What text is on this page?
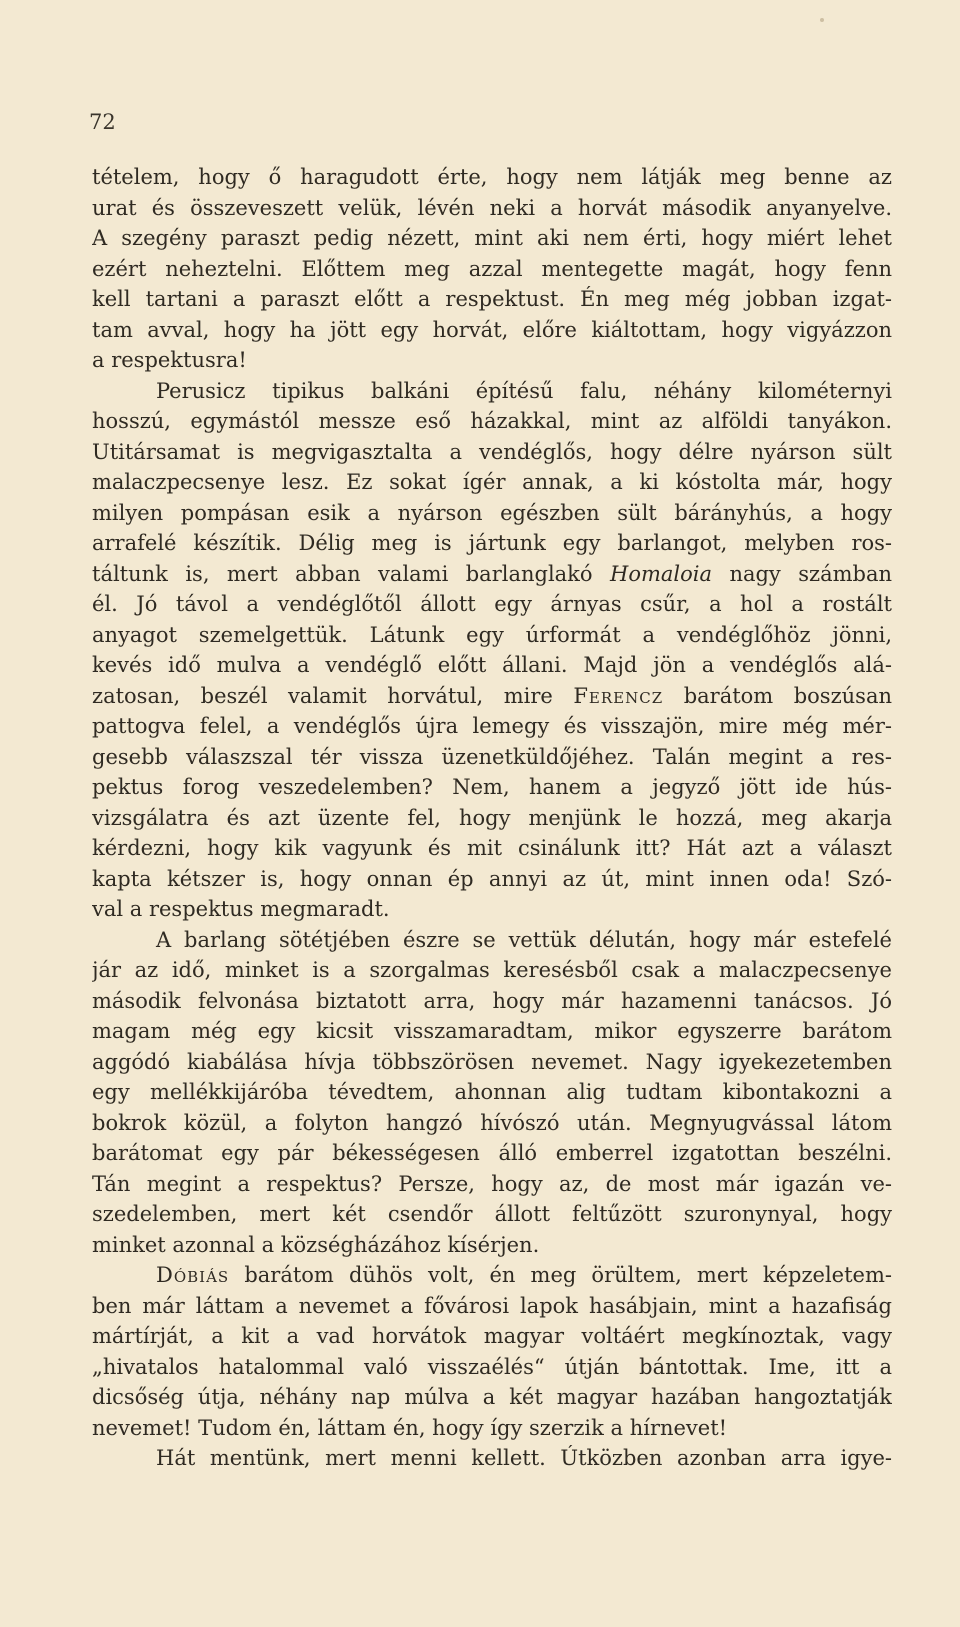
72
tételem, hogy ő haragudott érte, hogy nem látják meg benne az
urat és összeveszett velük, lévén neki a horvát második anyanyelve.
A szegény paraszt pedig nézett, mint aki nem érti, hogy miért lehet
ezért neheztelni. Előttem meg azzal mentegette magát, hogy fenn
kell tartani a paraszt előtt a respektust. Én meg még jobban izgat-
tam avval, hogy ha jött egy horvát, előre kiáltottam, hogy vigyázzon
a respektusra!
Perusicz tipikus balkáni építésű falu, néhány kilométernyi
hosszú, egymástól messze eső házakkal, mint az alföldi tanyákon.
Utitársamat is megvigasztalta a vendéglős, hogy délre nyárson sült
malaczpecsenye lesz. Ez sokat ígér annak, a ki kóstolta már, hogy
milyen pompásan esik a nyárson egészben sült bárányhús, a hogy
arrafelé készítik. Délig meg is jártunk egy barlangot, melyben ros-
táltunk is, mert abban valami barlanglakó Homaloia nagy számban
él. Jó távol a vendéglőtől állott egy árnyas csűr, a hol a rostált
anyagot szemelgettük. Látunk egy úrformát a vendéglőhöz jönni,
kevés idő mulva a vendéglő előtt állani. Majd jön a vendéglős alá-
zatosan, beszél valamit horvátul, mire Ferencz barátom boszúsan
pattogva felel, a vendéglős újra lemegy és visszajön, mire még mér-
gesebb válaszszal tér vissza üzenetküldőjéhez. Talán megint a res-
pektus forog veszedelemben? Nem, hanem a jegyző jött ide hús-
vizsgálatra és azt üzente fel, hogy menjünk le hozzá, meg akarja
kérdezni, hogy kik vagyunk és mit csinálunk itt? Hát azt a választ
kapta kétszer is, hogy onnan ép annyi az út, mint innen oda! Szó-
val a respektus megmaradt.
A barlang sötétjében észre se vettük délután, hogy már estefelé
jár az idő, minket is a szorgalmas keresésből csak a malaczpecsenye
második felvonása biztatott arra, hogy már hazamenni tanácsos. Jó
magam még egy kicsit visszamaradtam, mikor egyszerre barátom
aggódó kiabálása hívja többszörösen nevemet. Nagy igyekezetemben
egy mellékkijáróba tévedtem, ahonnan alig tudtam kibontakozni a
bokrok közül, a folyton hangzó hívószó után. Megnyugvással látom
barátomat egy pár békességesen álló emberrel izgatottan beszélni.
Tán megint a respektus? Persze, hogy az, de most már igazán ve-
szedelemben, mert két csendőr állott feltűzött szuronynyal, hogy
minket azonnal a községházához kísérjen.
Dóbiás barátom dühös volt, én meg örültem, mert képzeletem-
ben már láttam a nevemet a fővárosi lapok hasábjain, mint a hazafiság
mártírját, a kit a vad horvátok magyar voltáért megkínoztak, vagy
„hivatalos hatalommal való visszaélés“ útján bántottak. Ime, itt a
dicsőség útja, néhány nap múlva a két magyar hazában hangoztatják
nevemet! Tudom én, láttam én, hogy így szerzik a hírnevet!
Hát mentünk, mert menni kellett. Útközben azonban arra igye-
